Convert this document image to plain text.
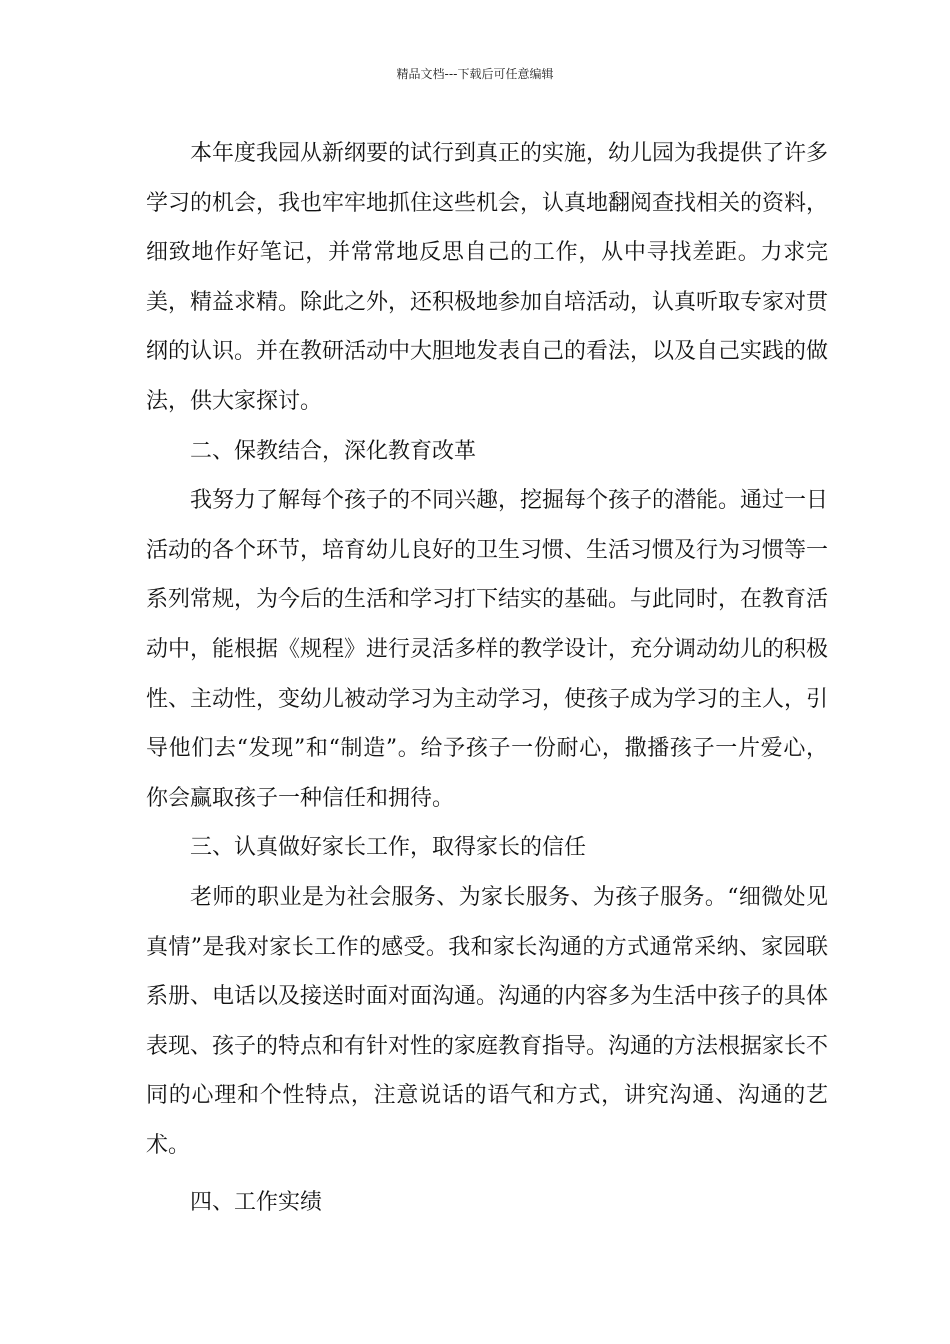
精品文档---下载后可任意编辑

本年度我园从新纲要的试行到真正的实施，幼儿园为我提供了许多学习的机会，我也牢牢地抓住这些机会，认真地翻阅查找相关的资料，细致地作好笔记，并常常地反思自己的工作，从中寻找差距。力求完美，精益求精。除此之外，还积极地参加自培活动，认真听取专家对贯纲的认识。并在教研活动中大胆地发表自己的看法，以及自己实践的做法，供大家探讨。

二、保教结合，深化教育改革

我努力了解每个孩子的不同兴趣，挖掘每个孩子的潜能。通过一日活动的各个环节，培育幼儿良好的卫生习惯、生活习惯及行为习惯等一系列常规，为今后的生活和学习打下结实的基础。与此同时，在教育活动中，能根据《规程》进行灵活多样的教学设计，充分调动幼儿的积极性、主动性，变幼儿被动学习为主动学习，使孩子成为学习的主人，引导他们去“发现”和“制造”。给予孩子一份耐心，撒播孩子一片爱心，你会赢取孩子一种信任和拥待。

三、认真做好家长工作，取得家长的信任

老师的职业是为社会服务、为家长服务、为孩子服务。“细微处见真情”是我对家长工作的感受。我和家长沟通的方式通常采纳、家园联系册、电话以及接送时面对面沟通。沟通的内容多为生活中孩子的具体表现、孩子的特点和有针对性的家庭教育指导。沟通的方法根据家长不同的心理和个性特点，注意说话的语气和方式，讲究沟通、沟通的艺术。

四、工作实绩
